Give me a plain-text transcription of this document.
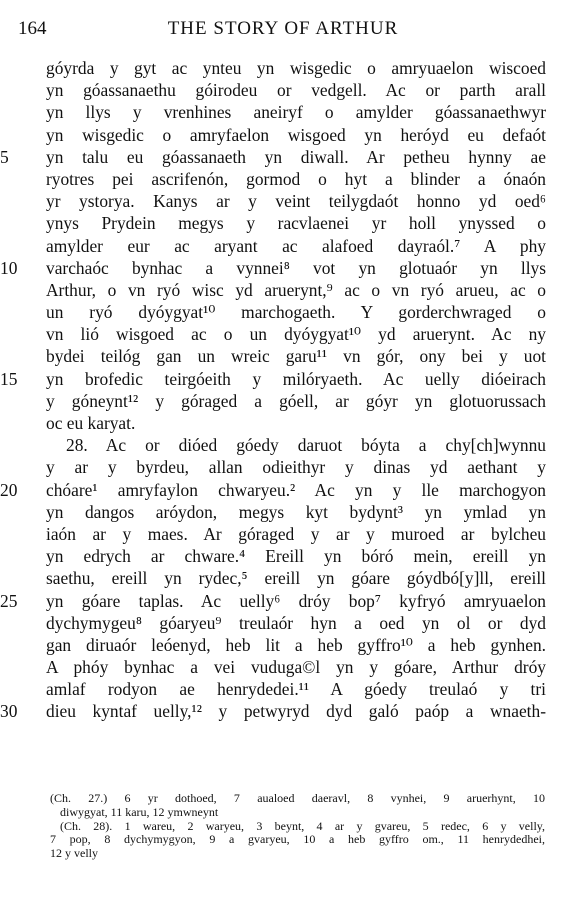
164	THE STORY OF ARTHUR
góyrda y gyt ac ynteu yn wisgedic o amryuaelon wiscoed
yn góassanaethu góirodeu or vedgell. Ac or parth arall
yn llys y vrenhines aneiryf o amylder góassanaethwyr
yn wisgedic o amryfaelon wisgoed yn heróyd eu defaót
5	yn talu eu góassanaeth yn diwall. Ar petheu hynny ae
ryotres pei ascrifenón, gormod o hyt a blinder a ónaón
yr ystorya. Kanys ar y veint teilygdaót honno yd oed⁶
ynys Prydein megys y racvlaenei yr holl ynyssed o
amylder eur ac aryant ac alafoed dayraól.⁷ A phy
10	varchaóc bynhac a vynnei⁸ vot yn glotuaór yn llys
Arthur, o vn ryó wisc yd aruerynt,⁹ ac o vn ryó arueu, ac o
un ryó dyóygyat¹⁰ marchogaeth. Y gorderchwraged o
vn lió wisgoed ac o un dyóygyat¹⁰ yd aruerynt. Ac ny
bydei teilóg gan un wreic garu¹¹ vn gór, ony bei y uot
15	yn brofedic teirgóeith y milóryaeth. Ac uelly dióeirach
y góneynt¹² y góraged a góell, ar góyr yn glotuorussach
oc eu karyat.
28. Ac or dióed góedy daruot bóyta a chy[ch]wynnu
y ar y byrdeu, allan odieithyr y dinas yd aethant y
20	chóare¹ amryfaylon chwaryeu.² Ac yn y lle marchogyon
yn dangos aróydon, megys kyt bydynt³ yn ymlad yn
iaón ar y maes. Ar góraged y ar y muroed ar bylcheu
yn edrych ar chware.⁴ Ereill yn bóró mein, ereill yn
saethu, ereill yn rydec,⁵ ereill yn góare góydbó[y]ll, ereill
25	yn góare taplas. Ac uelly⁶ dróy bop⁷ kyfryó amryuaelon
dychymygeu⁸ góaryeu⁹ treulaór hyn a oed yn ol or dyd
gan diruaór leóenyd, heb lit a heb gyffro¹⁰ a heb gynhen.
A phóy bynhac a vei vuduga©l yn y góare, Arthur dróy
amlaf rodyon ae henrydedei.¹¹ A góedy treulaó y tri
30	dieu kyntaf uelly,¹² y petwyryd dyd galó paóp a wnaeth-
(Ch. 27.) 6 yr dothoed, 7 aualoed daeravl, 8 vynhei, 9 aruerhynt, 10
diwygyat, 11 karu, 12 ymwneynt
(Ch. 28). 1 wareu, 2 waryeu, 3 beynt, 4 ar y gvareu, 5 redec, 6 y velly,
7 pop, 8 dychymygyon, 9 a gvaryeu, 10 a heb gyffro om., 11 henrydedhei,
12 y velly
